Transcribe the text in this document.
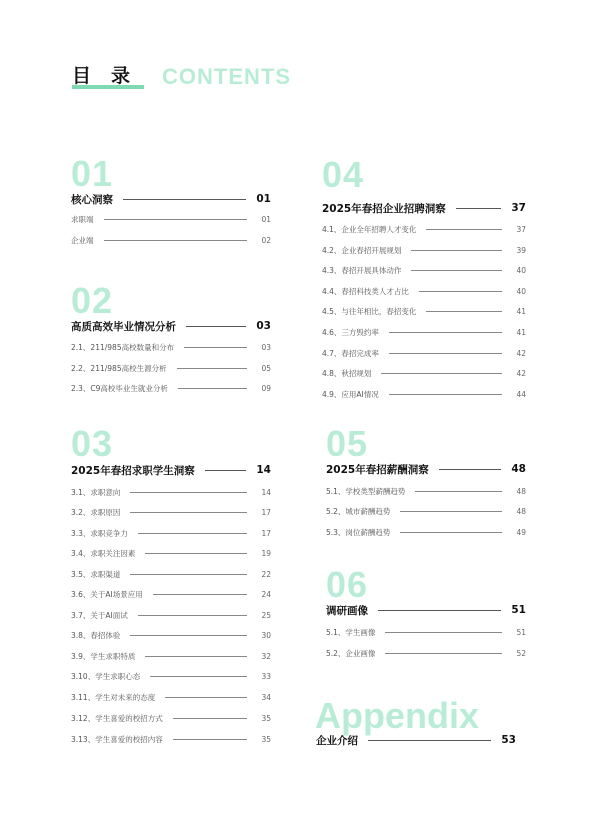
目录 CONTENTS
01
核心洞察	01
求职端	01
企业端	02
02
高质高效毕业情况分析	03
2.1、211/985高校数量和分布	03
2.2、211/985高校生源分析	05
2.3、C9高校毕业生就业分析	09
03
2025年春招求职学生洞察	14
3.1、求职意向	14
3.2、求职原因	17
3.3、求职竞争力	17
3.4、求职关注因素	19
3.5、求职渠道	22
3.6、关于AI场景应用	24
3.7、关于AI面试	25
3.8、春招体验	30
3.9、学生求职特质	32
3.10、学生求职心态	33
3.11、学生对未来的态度	34
3.12、学生喜爱的校招方式	35
3.13、学生喜爱的校招内容	35
04
2025年春招企业招聘洞察	37
4.1、企业全年招聘人才变化	37
4.2、企业春招开展规划	39
4.3、春招开展具体动作	40
4.4、春招科技类人才占比	40
4.5、与往年相比，春招变化	41
4.6、三方毁约率	41
4.7、春招完成率	42
4.8、秋招规划	42
4.9、应用AI情况	44
05
2025年春招薪酬洞察	48
5.1、学校类型薪酬趋势	48
5.2、城市薪酬趋势	48
5.3、岗位薪酬趋势	49
06
调研画像	51
5.1、学生画像	51
5.2、企业画像	52
Appendix
企业介绍	53
